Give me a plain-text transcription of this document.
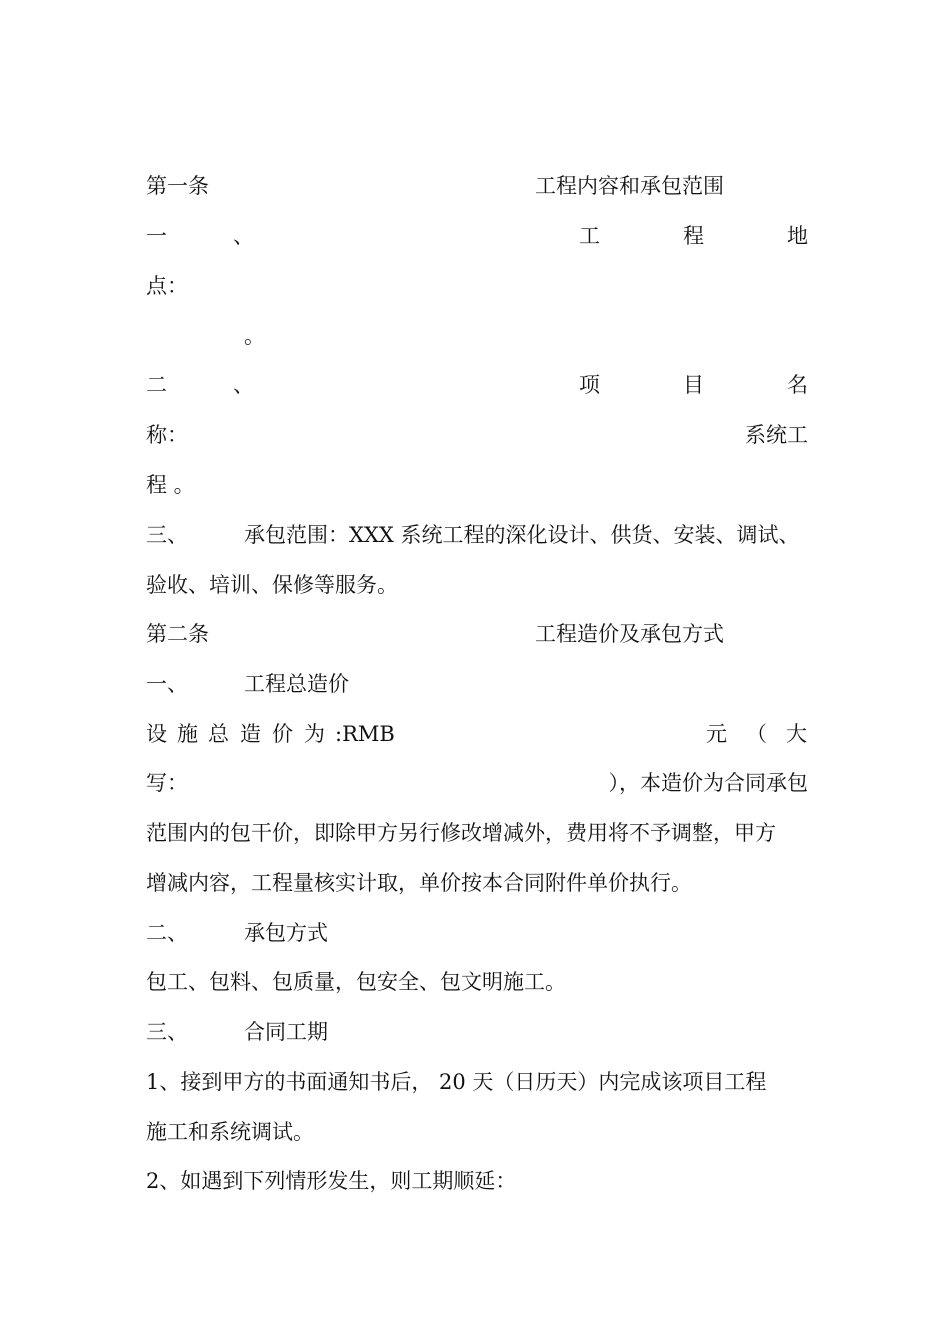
第一条	工程内容和承包范围
一	、	工	程	地
点：
。
二	、	项	目	名
称：	系统工
程 。
三、	承包范围：XXX 系统工程的深化设计、供货、安装、调试、
验收、培训、保修等服务。
第二条	工程造价及承包方式
一、	工程总造价
设 施 总 造 价 为 :RMB	元 （ 大
写：	），本造价为合同承包
范围内的包干价，即除甲方另行修改增减外，费用将不予调整，甲方
增减内容，工程量核实计取，单价按本合同附件单价执行。
二、	承包方式
包工、包料、包质量，包安全、包文明施工。
三、	合同工期
1、接到甲方的书面通知书后， 20 天（日历天）内完成该项目工程
施工和系统调试。
2、如遇到下列情形发生，则工期顺延：
